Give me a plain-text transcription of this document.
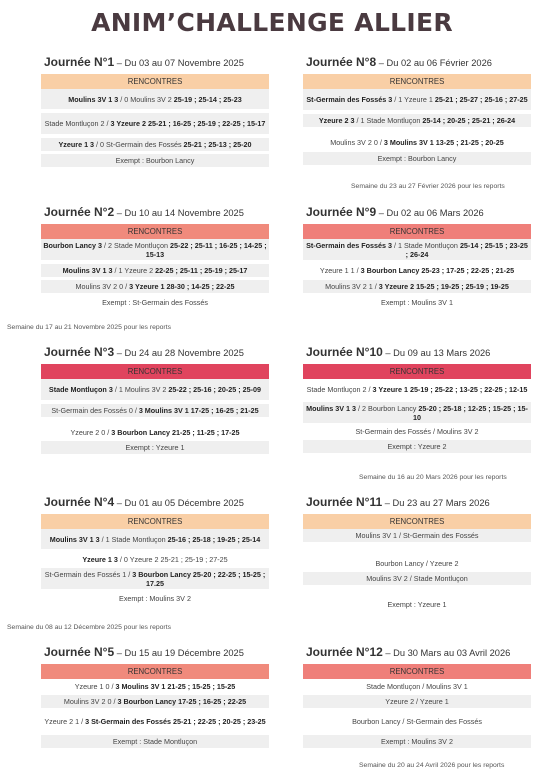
ANIM’CHALLENGE ALLIER
Journée N°1 – Du 03 au 07 Novembre 2025
RENCONTRES
Moulins 3V 1 3 / 0 Moulins 3V 2 25-19 ; 25-14 ; 25-23
Stade Montluçon 2 / 3 Yzeure 2 25-21 ; 16-25 ; 25-19 ; 22-25 ; 15-17
Yzeure 1 3 / 0 St-Germain des Fossés 25-21 ; 25-13 ; 25-20
Exempt : Bourbon Lancy
Journée N°2 – Du 10 au 14 Novembre 2025
RENCONTRES
Bourbon Lancy 3 / 2 Stade Montluçon 25-22 ; 25-11 ; 16-25 ; 14-25 ; 15-13
Moulins 3V 1 3 / 1 Yzeure 2 22-25 ; 25-11 ; 25-19 ; 25-17
Moulins 3V 2 0 / 3 Yzeure 1 28-30 ; 14-25 ; 22-25
Exempt : St-Germain des Fossés
Journée N°3 – Du 24 au 28 Novembre 2025
RENCONTRES
Stade Montluçon 3 / 1 Moulins 3V 2 25-22 ; 25-16 ; 20-25 ; 25-09
St-Germain des Fossés 0 / 3 Moulins 3V 1 17-25 ; 16-25 ; 21-25
Yzeure 2 0 / 3 Bourbon Lancy 21-25 ; 11-25 ; 17-25
Exempt : Yzeure 1
Journée N°4 – Du 01 au 05 Décembre 2025
RENCONTRES
Moulins 3V 1 3 / 1 Stade Montluçon 25-16 ; 25-18 ; 19-25 ; 25-14
Yzeure 1 3 / 0 Yzeure 2 25-21 ; 25-19 ; 27-25
St-Germain des Fossés 1 / 3 Bourbon Lancy 25-20 ; 22-25 ; 15-25 ; 17.25
Exempt : Moulins 3V 2
Journée N°5 – Du 15 au 19 Décembre 2025
RENCONTRES
Yzeure 1 0 / 3 Moulins 3V 1 21-25 ; 15-25 ; 15-25
Moulins 3V 2 0 / 3 Bourbon Lancy 17-25 ; 16-25 ; 22-25
Yzeure 2 1 / 3 St-Germain des Fossés 25-21 ; 22-25 ; 20-25 ; 23-25
Exempt : Stade Montluçon
Journée N°8 – Du 02 au 06 Février 2026
RENCONTRES
St-Germain des Fossés 3 / 1 Yzeure 1 25-21 ; 25-27 ; 25-16 ; 27-25
Yzeure 2 3 / 1 Stade Montluçon 25-14 ; 20-25 ; 25-21 ; 26-24
Moulins 3V 2 0 / 3 Moulins 3V 1 13-25 ; 21-25 ; 20-25
Exempt : Bourbon Lancy
Semaine du 23 au 27 Février 2026 pour les reports
Journée N°9 – Du 02 au 06 Mars 2026
RENCONTRES
St-Germain des Fossés 3 / 1 Stade Montluçon 25-14 ; 25-15 ; 23-25 ; 26-24
Yzeure 1 1 / 3 Bourbon Lancy 25-23 ; 17-25 ; 22-25 ; 21-25
Moulins 3V 2 1 / 3 Yzeure 2 15-25 ; 19-25 ; 25-19 ; 19-25
Exempt : Moulins 3V 1
Semaine du 17 au 21 Novembre 2025 pour les reports
Journée N°10 – Du 09 au 13 Mars 2026
RENCONTRES
Stade Montluçon 2 / 3 Yzeure 1 25-19 ; 25-22 ; 13-25 ; 22-25 ; 12-15
Moulins 3V 1 3 / 2 Bourbon Lancy 25-20 ; 25-18 ; 12-25 ; 15-25 ; 15-10
St-Germain des Fossés / Moulins 3V 2
Exempt : Yzeure 2
Semaine du 16 au 20 Mars 2026 pour les reports
Journée N°11 – Du 23 au 27 Mars 2026
RENCONTRES
Moulins 3V 1 / St-Germain des Fossés
Bourbon Lancy / Yzeure 2
Moulins 3V 2 / Stade Montluçon
Exempt : Yzeure 1
Semaine du 08 au 12 Décembre 2025 pour les reports
Journée N°12 – Du 30 Mars au 03 Avril 2026
RENCONTRES
Stade Montluçon / Moulins 3V 1
Yzeure 2 / Yzeure 1
Bourbon Lancy / St-Germain des Fossés
Exempt : Moulins 3V 2
Semaine du 20 au 24 Avril 2026 pour les reports
